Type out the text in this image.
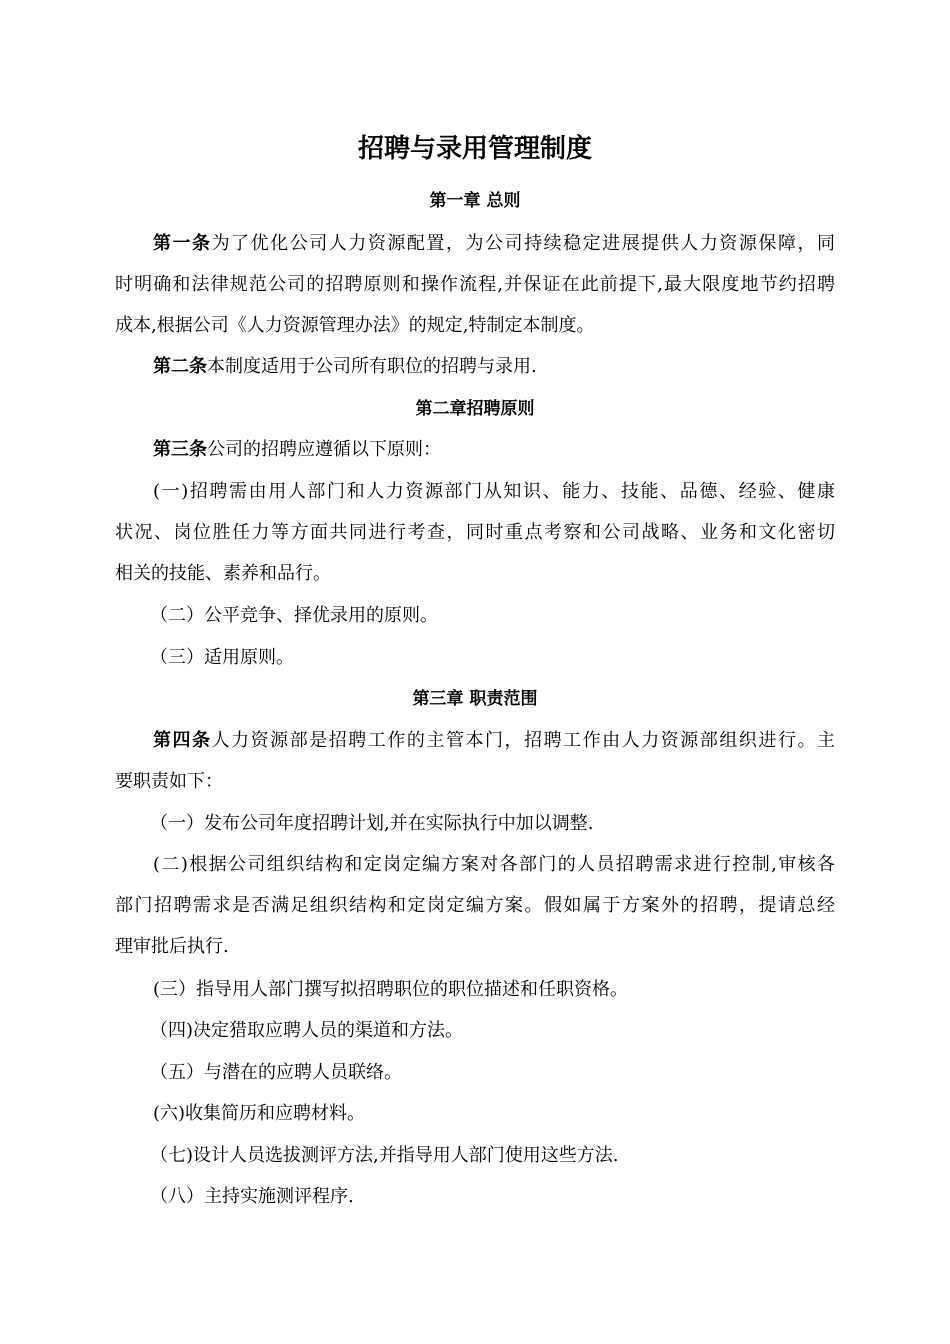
招聘与录用管理制度
第一章 总则
第一条为了优化公司人力资源配置，为公司持续稳定进展提供人力资源保障，同
时明确和法律规范公司的招聘原则和操作流程,并保证在此前提下,最大限度地节约招聘
成本,根据公司《人力资源管理办法》的规定,特制定本制度。
第二条本制度适用于公司所有职位的招聘与录用.
第二章招聘原则
第三条公司的招聘应遵循以下原则：
(一)招聘需由用人部门和人力资源部门从知识、能力、技能、品德、经验、健康
状况、岗位胜任力等方面共同进行考查，同时重点考察和公司战略、业务和文化密切
相关的技能、素养和品行。
（二）公平竞争、择优录用的原则。
（三）适用原则。
第三章 职责范围
第四条人力资源部是招聘工作的主管本门，招聘工作由人力资源部组织进行。主
要职责如下：
（一）发布公司年度招聘计划,并在实际执行中加以调整.
(二)根据公司组织结构和定岗定编方案对各部门的人员招聘需求进行控制,审核各
部门招聘需求是否满足组织结构和定岗定编方案。假如属于方案外的招聘，提请总经
理审批后执行.
(三）指导用人部门撰写拟招聘职位的职位描述和任职资格。
（四)决定猎取应聘人员的渠道和方法。
（五）与潜在的应聘人员联络。
(六)收集简历和应聘材料。
（七)设计人员选拔测评方法,并指导用人部门使用这些方法.
（八）主持实施测评程序.
